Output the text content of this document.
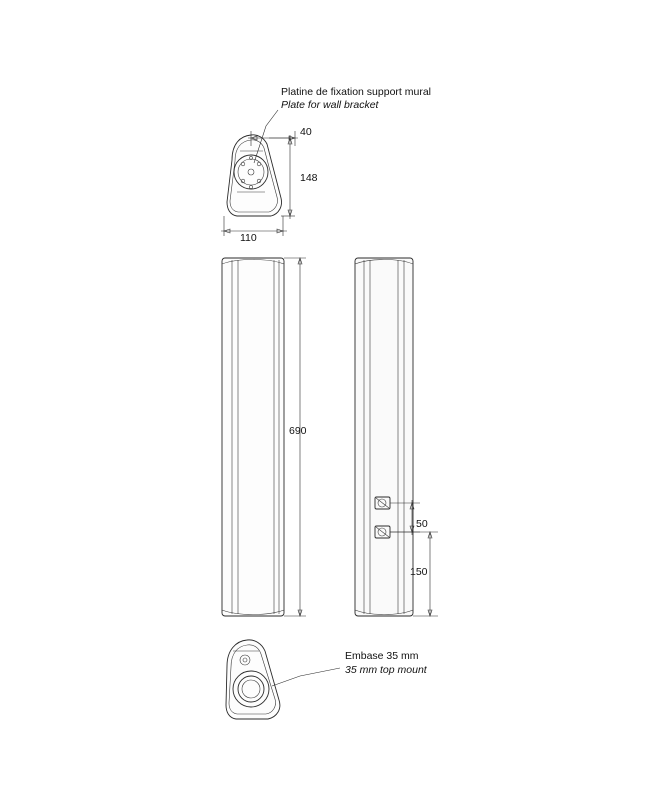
Platine de fixation support mural
Plate for wall bracket
40
148
110
690
50
150
Embase 35 mm
35 mm top mount
